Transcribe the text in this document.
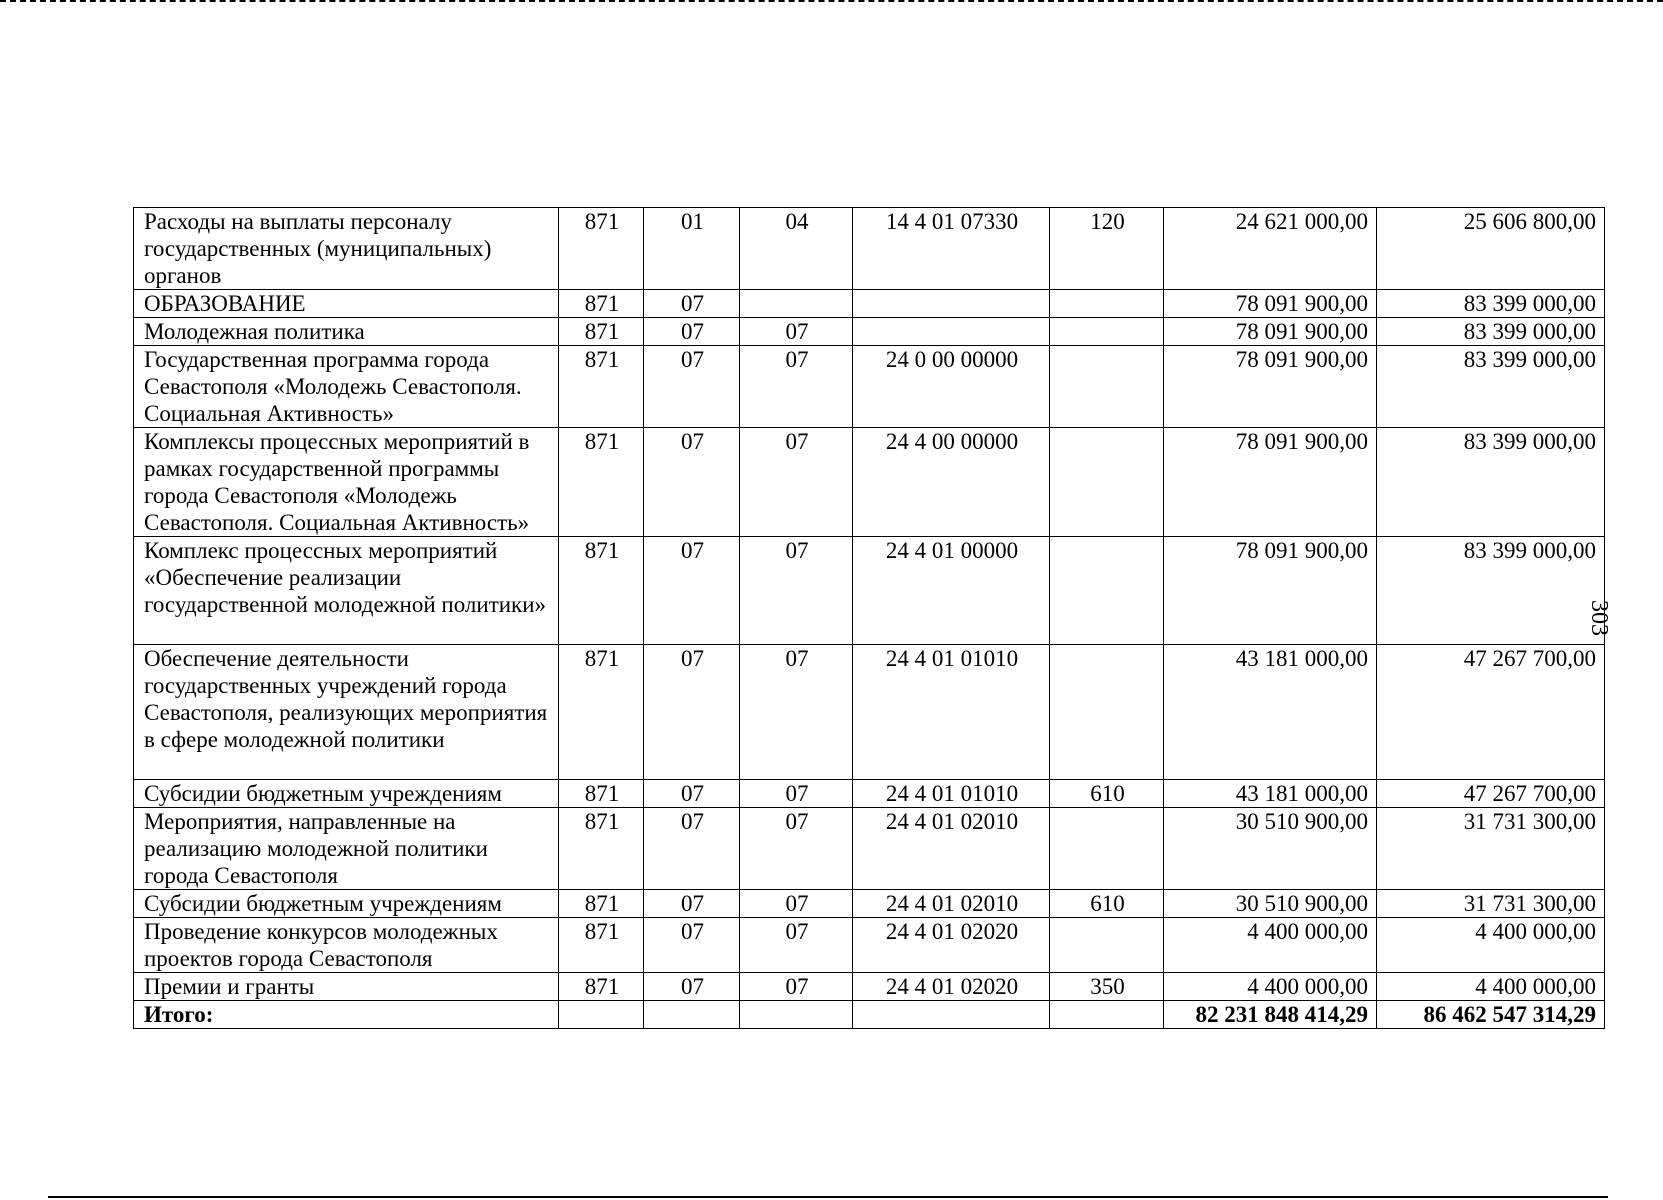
Расходы на выплаты персоналу государственных (муниципальных) органов	871	01	04	14 4 01 07330	120	24 621 000,00	25 606 800,00
ОБРАЗОВАНИЕ	871	07				78 091 900,00	83 399 000,00
Молодежная политика	871	07	07			78 091 900,00	83 399 000,00
Государственная программа города Севастополя «Молодежь Севастополя. Социальная Активность»	871	07	07	24 0 00 00000		78 091 900,00	83 399 000,00
Комплексы процессных мероприятий в рамках государственной программы города Севастополя «Молодежь Севастополя. Социальная Активность»	871	07	07	24 4 00 00000		78 091 900,00	83 399 000,00
Комплекс процессных мероприятий «Обеспечение реализации государственной молодежной политики»	871	07	07	24 4 01 00000		78 091 900,00	83 399 000,00
Обеспечение деятельности государственных учреждений города Севастополя, реализующих мероприятия в сфере молодежной политики	871	07	07	24 4 01 01010		43 181 000,00	47 267 700,00
Субсидии бюджетным учреждениям	871	07	07	24 4 01 01010	610	43 181 000,00	47 267 700,00
Мероприятия, направленные на реализацию молодежной политики города Севастополя	871	07	07	24 4 01 02010		30 510 900,00	31 731 300,00
Субсидии бюджетным учреждениям	871	07	07	24 4 01 02010	610	30 510 900,00	31 731 300,00
Проведение конкурсов молодежных проектов города Севастополя	871	07	07	24 4 01 02020		4 400 000,00	4 400 000,00
Премии и гранты	871	07	07	24 4 01 02020	350	4 400 000,00	4 400 000,00
Итого:						82 231 848 414,29	86 462 547 314,29
303
